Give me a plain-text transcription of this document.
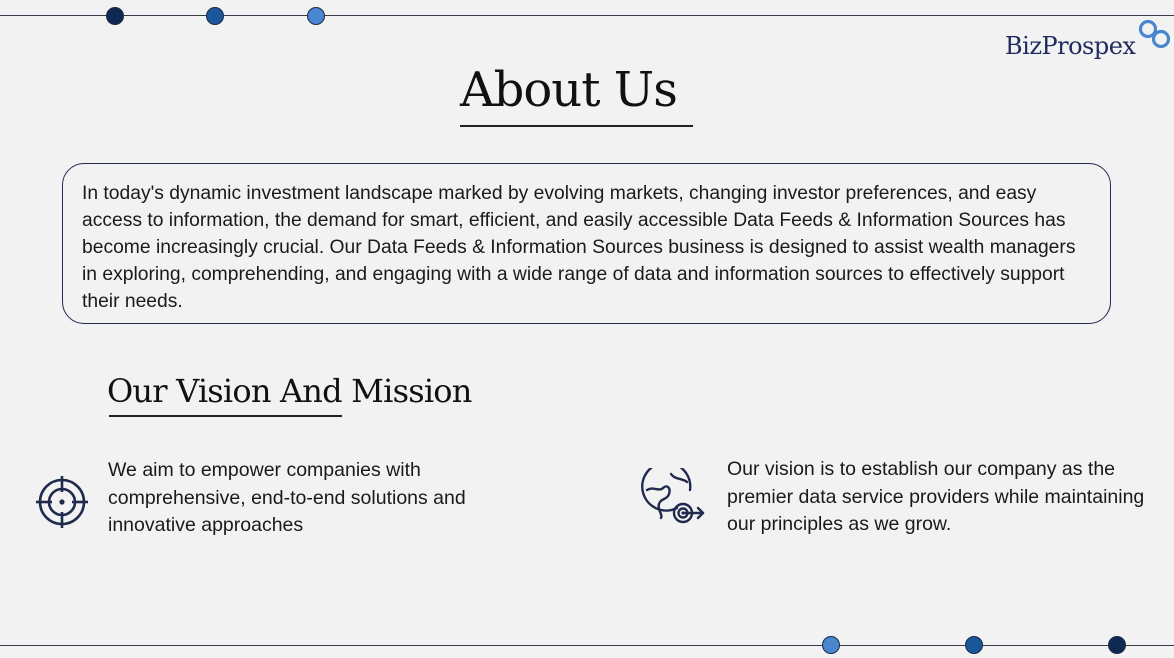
BizProspex
About Us

In today's dynamic investment landscape marked by evolving markets, changing investor preferences, and easy access to information, the demand for smart, efficient, and easily accessible Data Feeds & Information Sources has become increasingly crucial. Our Data Feeds & Information Sources business is designed to assist wealth managers in exploring, comprehending, and engaging with a wide range of data and information sources to effectively support their needs.

Our Vision And Mission

We aim to empower companies with comprehensive, end-to-end solutions and innovative approaches

Our vision is to establish our company as the premier data service providers while maintaining our principles as we grow.
